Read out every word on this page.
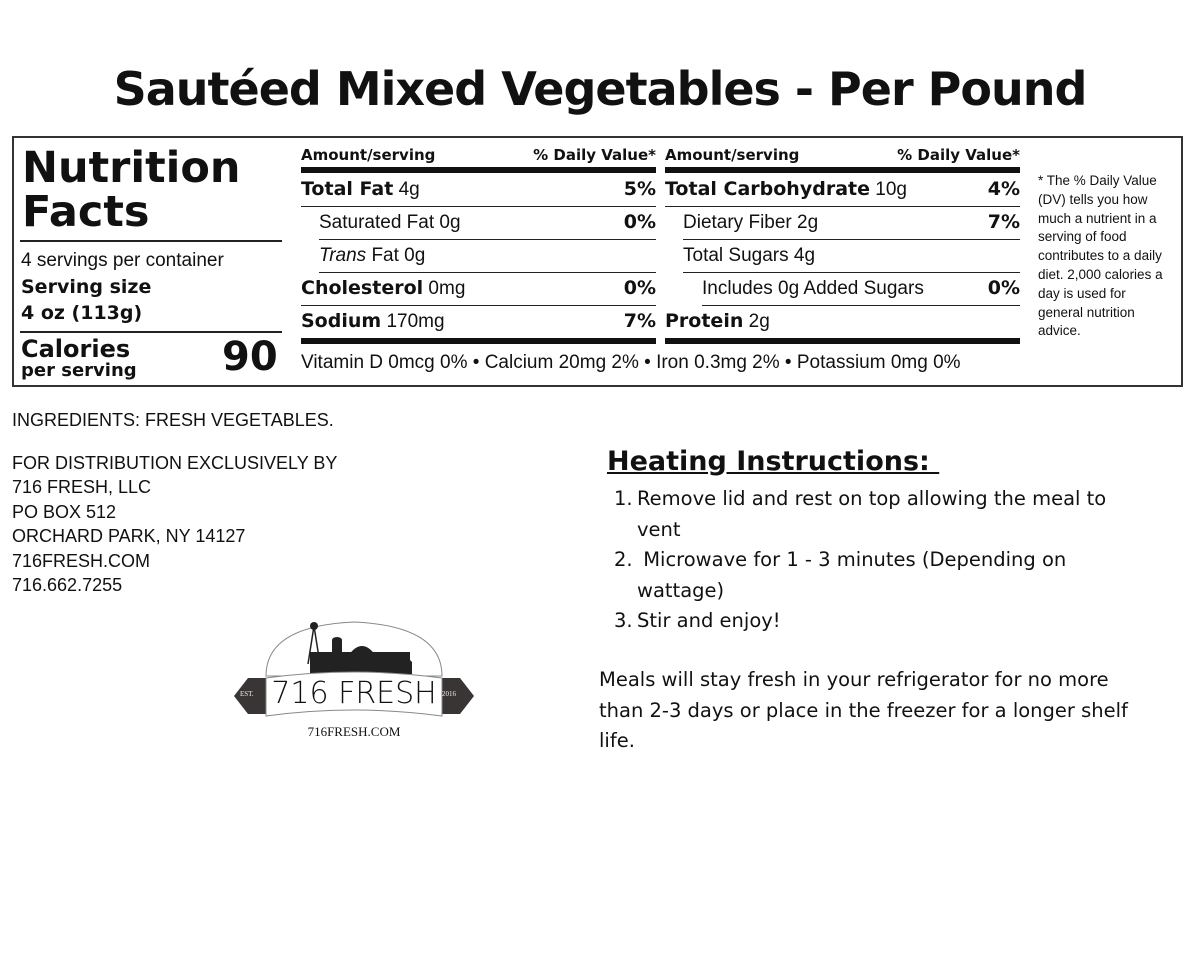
Sautéed Mixed Vegetables - Per Pound
Nutrition
Facts
4 servings per container
Serving size
4 oz (113g)
Calories
per serving 90
Amount/serving	% Daily Value*
Total Fat 4g	5%
Saturated Fat 0g	0%
Trans Fat 0g
Cholesterol 0mg	0%
Sodium 170mg	7%
Amount/serving	% Daily Value*
Total Carbohydrate 10g	4%
Dietary Fiber 2g	7%
Total Sugars 4g
Includes 0g Added Sugars	0%
Protein 2g
Vitamin D 0mcg 0% • Calcium 20mg 2% • Iron 0.3mg 2% • Potassium 0mg 0%
* The % Daily Value (DV) tells you how much a nutrient in a serving of food contributes to a daily diet. 2,000 calories a day is used for general nutrition advice.
INGREDIENTS: FRESH VEGETABLES.
FOR DISTRIBUTION EXCLUSIVELY BY
716 FRESH, LLC
PO BOX 512
ORCHARD PARK, NY 14127
716FRESH.COM
716.662.7255
EST.	2016
716 FRESH
716FRESH.COM
Heating Instructions:
1. Remove lid and rest on top allowing the meal to vent
2. Microwave for 1 - 3 minutes (Depending on wattage)
3. Stir and enjoy!
Meals will stay fresh in your refrigerator for no more than 2-3 days or place in the freezer for a longer shelf life.
